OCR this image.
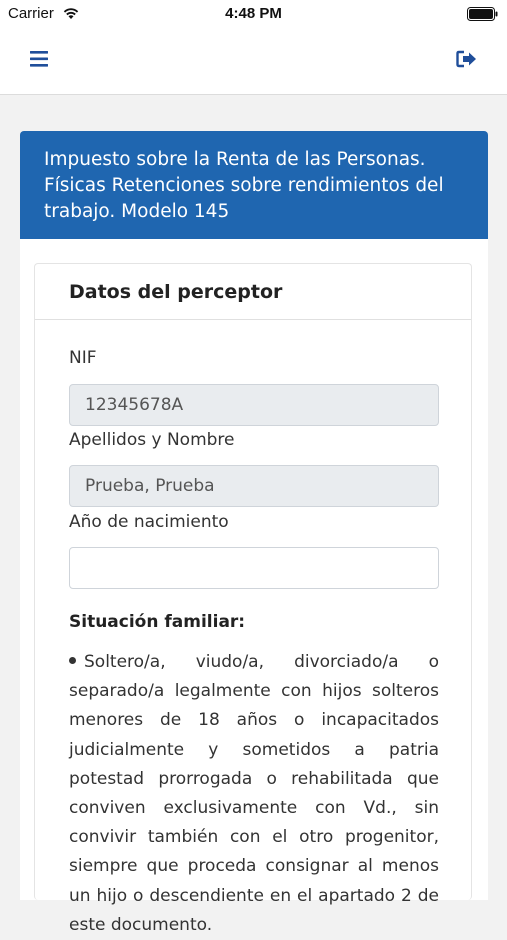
Carrier	4:48 PM
Impuesto sobre la Renta de las Personas. Físicas Retenciones sobre rendimientos del trabajo. Modelo 145
Datos del perceptor
NIF
12345678A
Apellidos y Nombre
Prueba, Prueba
Año de nacimiento
Situación familiar:
Soltero/a, viudo/a, divorciado/a o separado/a legalmente con hijos solteros menores de 18 años o incapacitados judicialmente y sometidos a patria potestad prorrogada o rehabilitada que conviven exclusivamente con Vd., sin convivir también con el otro progenitor, siempre que proceda consignar al menos un hijo o descendiente en el apartado 2 de este documento.
